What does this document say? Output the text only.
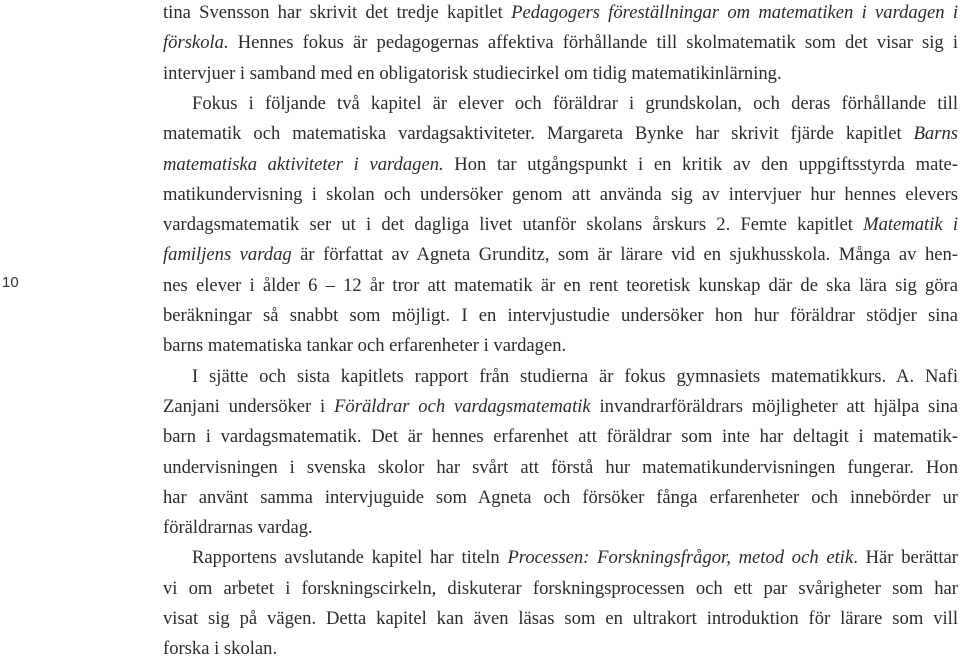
10
tina Svensson har skrivit det tredje kapitlet Pedagogers föreställningar om matematiken i vardagen i
förskola. Hennes fokus är pedagogernas affektiva förhållande till skolmatematik som det visar sig i
intervjuer i samband med en obligatorisk studiecirkel om tidig matematikinlärning.
Fokus i följande två kapitel är elever och föräldrar i grundskolan, och deras förhållande till
matematik och matematiska vardagsaktiviteter. Margareta Bynke har skrivit fjärde kapitlet Barns
matematiska aktiviteter i vardagen. Hon tar utgångspunkt i en kritik av den uppgiftsstyrda mate-
matikundervisning i skolan och undersöker genom att använda sig av intervjuer hur hennes elevers
vardagsmatematik ser ut i det dagliga livet utanför skolans årskurs 2. Femte kapitlet Matematik i
familjens vardag är författat av Agneta Grunditz, som är lärare vid en sjukhusskola. Många av hen-
nes elever i ålder 6 – 12 år tror att matematik är en rent teoretisk kunskap där de ska lära sig göra
beräkningar så snabbt som möjligt. I en intervjustudie undersöker hon hur föräldrar stödjer sina
barns matematiska tankar och erfarenheter i vardagen.
I sjätte och sista kapitlets rapport från studierna är fokus gymnasiets matematikkurs. A. Nafi
Zanjani undersöker i Föräldrar och vardagsmatematik invandrarföräldrars möjligheter att hjälpa sina
barn i vardagsmatematik. Det är hennes erfarenhet att föräldrar som inte har deltagit i matematik-
undervisningen i svenska skolor har svårt att förstå hur matematikundervisningen fungerar. Hon
har använt samma intervjuguide som Agneta och försöker fånga erfarenheter och innebörder ur
föräldrarnas vardag.
Rapportens avslutande kapitel har titeln Processen: Forskningsfrågor, metod och etik. Här berättar
vi om arbetet i forskningscirkeln, diskuterar forskningsprocessen och ett par svårigheter som har
visat sig på vägen. Detta kapitel kan även läsas som en ultrakort introduktion för lärare som vill
forska i skolan.
